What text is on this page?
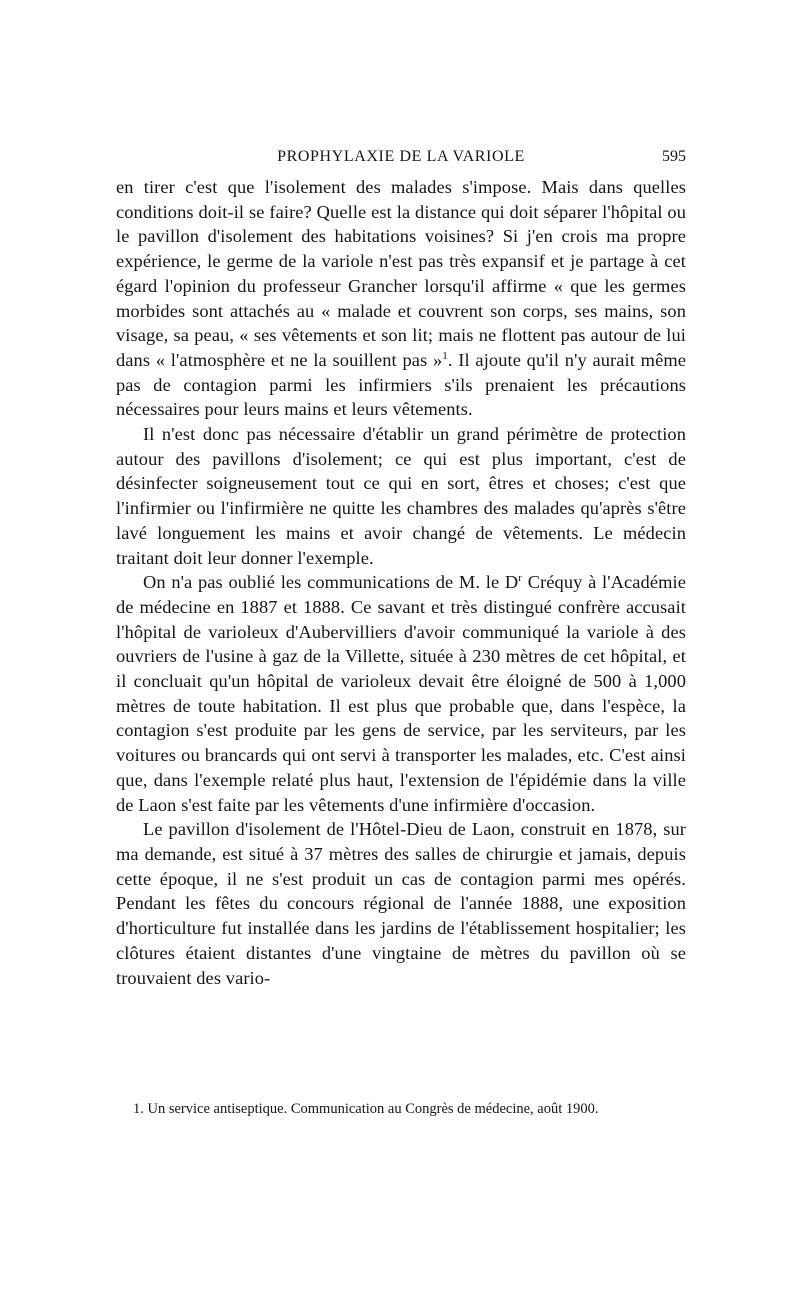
PROPHYLAXIE DE LA VARIOLE	595

en tirer c'est que l'isolement des malades s'impose. Mais dans quelles conditions doit-il se faire? Quelle est la distance qui doit séparer l'hôpital ou le pavillon d'isolement des habitations voisines? Si j'en crois ma propre expérience, le germe de la variole n'est pas très expansif et je partage à cet égard l'opinion du professeur Grancher lorsqu'il affirme « que les germes morbides sont attachés au « malade et couvrent son corps, ses mains, son visage, sa peau, « ses vêtements et son lit; mais ne flottent pas autour de lui dans « l'atmosphère et ne la souillent pas »$^1$. Il ajoute qu'il n'y aurait même pas de contagion parmi les infirmiers s'ils prenaient les précautions nécessaires pour leurs mains et leurs vêtements.

Il n'est donc pas nécessaire d'établir un grand périmètre de protection autour des pavillons d'isolement; ce qui est plus important, c'est de désinfecter soigneusement tout ce qui en sort, êtres et choses; c'est que l'infirmier ou l'infirmière ne quitte les chambres des malades qu'après s'être lavé longuement les mains et avoir changé de vêtements. Le médecin traitant doit leur donner l'exemple.

On n'a pas oublié les communications de M. le $D^r$ Créquy à l'Académie de médecine en 1887 et 1888. Ce savant et très distingué confrère accusait l'hôpital de varioleux d'Aubervilliers d'avoir communiqué la variole à des ouvriers de l'usine à gaz de la Villette, située à 230 mètres de cet hôpital, et il concluait qu'un hôpital de varioleux devait être éloigné de 500 à 1,000 mètres de toute habitation. Il est plus que probable que, dans l'espèce, la contagion s'est produite par les gens de service, par les serviteurs, par les voitures ou brancards qui ont servi à transporter les malades, etc. C'est ainsi que, dans l'exemple relaté plus haut, l'extension de l'épidémie dans la ville de Laon s'est faite par les vêtements d'une infirmière d'occasion.

Le pavillon d'isolement de l'Hôtel-Dieu de Laon, construit en 1878, sur ma demande, est situé à 37 mètres des salles de chirurgie et jamais, depuis cette époque, il ne s'est produit un cas de contagion parmi mes opérés. Pendant les fêtes du concours régional de l'année 1888, une exposition d'horticulture fut installée dans les jardins de l'établissement hospitalier; les clôtures étaient distantes d'une vingtaine de mètres du pavillon où se trouvaient des vario-

1. Un service antiseptique. Communication au Congrès de médecine, août 1900.
